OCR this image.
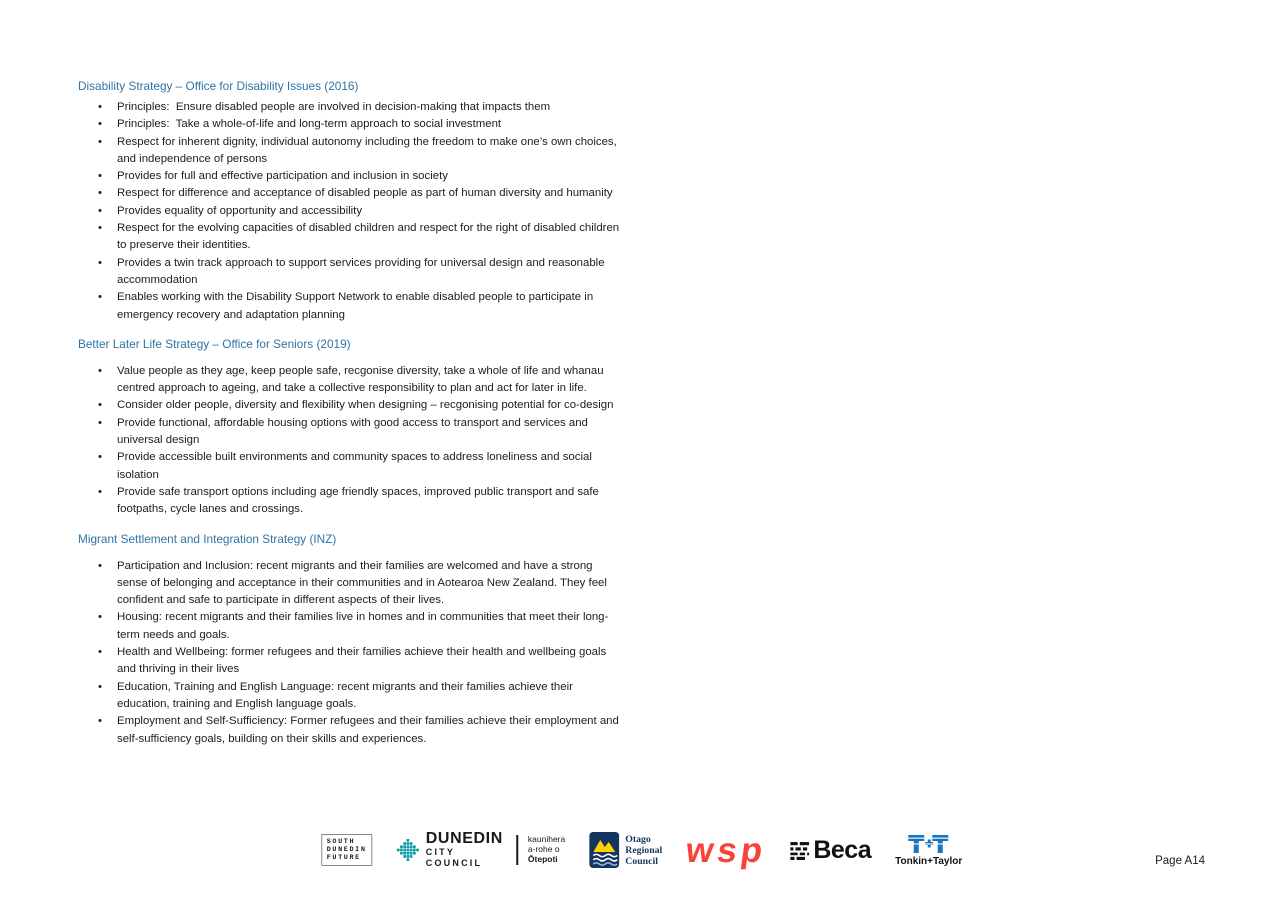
Disability Strategy – Office for Disability Issues (2016)
• Principles:  Ensure disabled people are involved in decision-making that impacts them
• Principles:  Take a whole-of-life and long-term approach to social investment
• Respect for inherent dignity, individual autonomy including the freedom to make one’s own choices, and independence of persons
• Provides for full and effective participation and inclusion in society
• Respect for difference and acceptance of disabled people as part of human diversity and humanity
• Provides equality of opportunity and accessibility
• Respect for the evolving capacities of disabled children and respect for the right of disabled children to preserve their identities.
• Provides a twin track approach to support services providing for universal design and reasonable accommodation
• Enables working with the Disability Support Network to enable disabled people to participate in emergency recovery and adaptation planning
Better Later Life Strategy – Office for Seniors (2019)
• Value people as they age, keep people safe, recgonise diversity, take a whole of life and whanau centred approach to ageing, and take a collective responsibility to plan and act for later in life.
• Consider older people, diversity and flexibility when designing – recgonising potential for co-design
• Provide functional, affordable housing options with good access to transport and services and universal design
• Provide accessible built environments and community spaces to address loneliness and social isolation
• Provide safe transport options including age friendly spaces, improved public transport and safe footpaths, cycle lanes and crossings.
Migrant Settlement and Integration Strategy (INZ)
• Participation and Inclusion: recent migrants and their families are welcomed and have a strong sense of belonging and acceptance in their communities and in Aotearoa New Zealand. They feel confident and safe to participate in different aspects of their lives.
• Housing: recent migrants and their families live in homes and in communities that meet their long-term needs and goals.
• Health and Wellbeing: former refugees and their families achieve their health and wellbeing goals and thriving in their lives
• Education, Training and English Language: recent migrants and their families achieve their education, training and English language goals.
• Employment and Self-Sufficiency: Former refugees and their families achieve their employment and self-sufficiency goals, building on their skills and experiences.
SOUTH
DUNEDIN
FUTURE
DUNEDIN
CITY COUNCIL
kaunihera
a-rohe o
Ōtepoti
Otago
Regional
Council wsp Beca Tonkin+Taylor	Page A14
